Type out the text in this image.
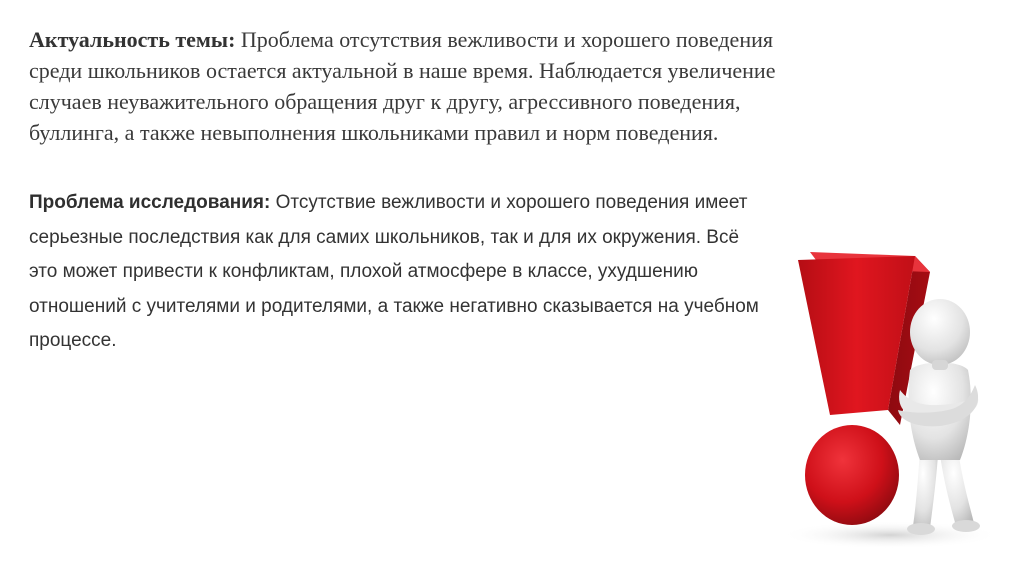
Актуальность темы: Проблема отсутствия вежливости и хорошего поведения среди школьников остается актуальной в наше время. Наблюдается увеличение случаев неуважительного обращения друг к другу, агрессивного поведения, буллинга, а также невыполнения школьниками правил и норм поведения.

Проблема исследования: Отсутствие вежливости и хорошего поведения имеет серьезные последствия как для самих школьников, так и для их окружения. Всё это может привести к конфликтам, плохой атмосфере в классе, ухудшению отношений с учителями и родителями, а также негативно сказывается на учебном процессе.
